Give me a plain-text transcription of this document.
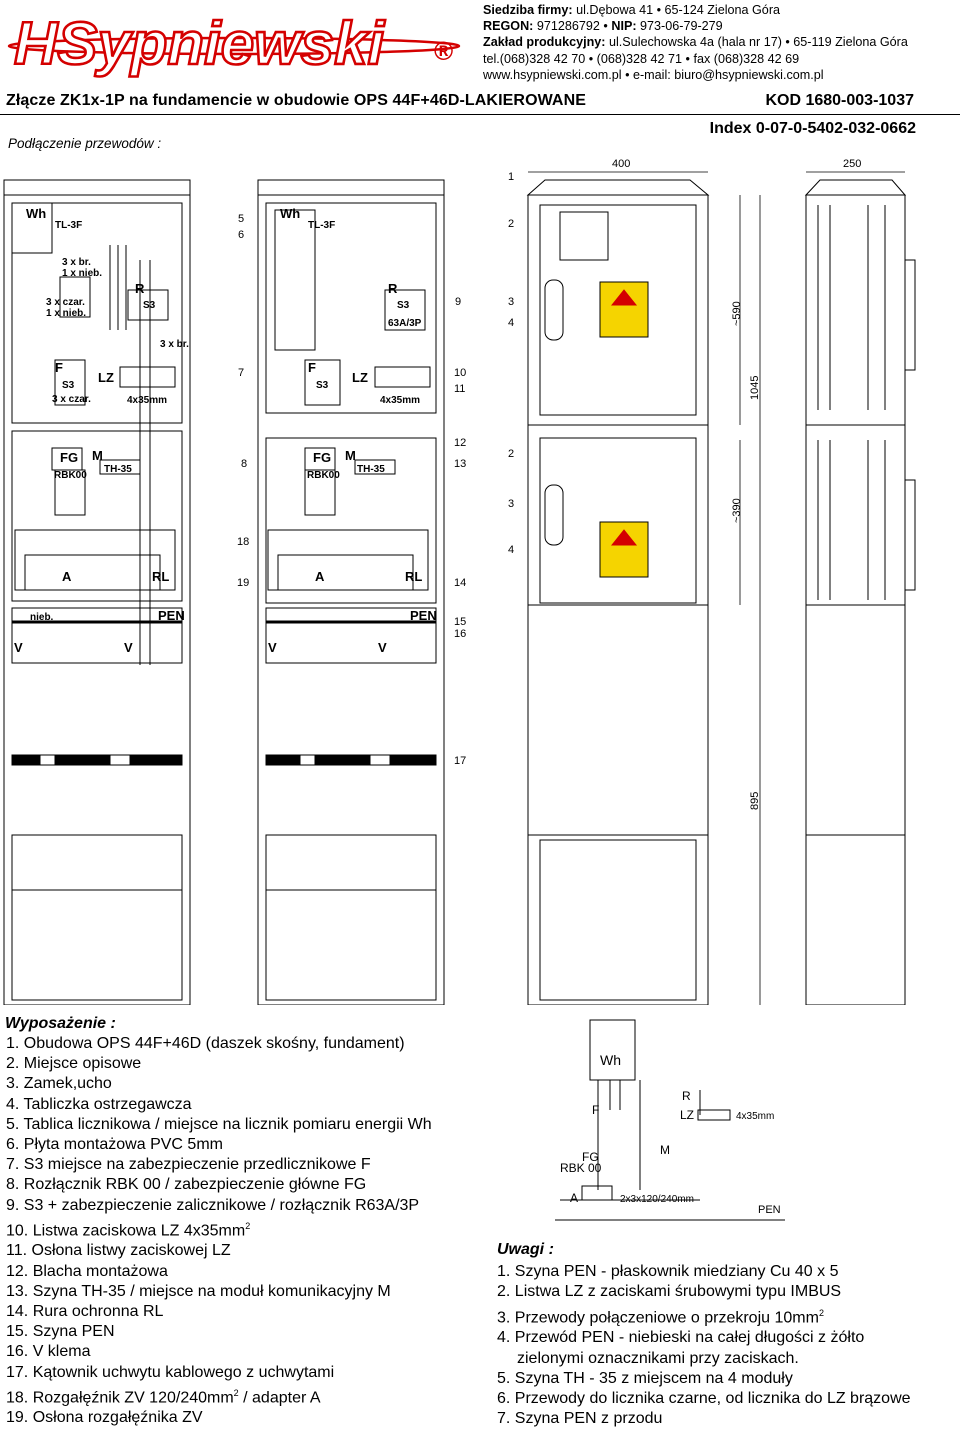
HSypniewski ®
Siedziba firmy: ul.Dębowa 41 • 65-124 Zielona Góra
REGON: 971286792 • NIP: 973-06-79-279
Zakład produkcyjny: ul.Sulechowska 4a (hala nr 17) • 65-119 Zielona Góra
tel.(068)328 42 70 • (068)328 42 71 • fax (068)328 42 69
www.hsypniewski.com.pl • e-mail: biuro@hsypniewski.com.pl
Złącze ZK1x-1P na fundamencie w obudowie OPS 44F+46D-LAKIEROWANE	KOD 1680-003-1037
Index 0-07-0-5402-032-0662
Podłączenie przewodów :
Wh	Wh
R	R
F	F
LZ	LZ
FG	FG
M	M
A	A
RL	RL
PEN	PEN
V	V	V	V
TL-3F	TL-3F
S3	S3
S3	S3
63A/3P
4x35mm	4x35mm
RBK00	RBK00
TH-35	TH-35
nieb.
3 x br.
1 x nieb.
3 x czar.
1 x nieb.
3 x br.
3 x czar.
1
2
3
4
5
6
7
8
9
10
11
12
13
14
15
16
17
18
19
2
3
4
400	250
~590
1045
~390
895
Wh
F
R
LZ	4x35mm
FG
RBK 00
M
A	2x3x120/240mm
PEN
Wyposażenie :
1. Obudowa OPS 44F+46D (daszek skośny, fundament)
2. Miejsce opisowe
3. Zamek,ucho
4. Tabliczka ostrzegawcza
5. Tablica licznikowa / miejsce na licznik pomiaru energii Wh
6. Płyta montażowa PVC 5mm
7. S3 miejsce na zabezpieczenie przedlicznikowe F
8. Rozłącznik RBK 00 / zabezpieczenie główne FG
9. S3 + zabezpieczenie zalicznikowe / rozłącznik R63A/3P
10. Listwa zaciskowa LZ $4x35mm^2$
11. Osłona listwy zaciskowej LZ
12. Blacha montażowa
13. Szyna TH-35 / miejsce na moduł komunikacyjny M
14. Rura ochronna RL
15. Szyna PEN
16. V klema
17. Kątownik uchwytu kablowego z uchwytami
18. Rozgałęźnik ZV $120/240mm^2$ / adapter A
19. Osłona rozgałęźnika ZV
Uwagi :
1. Szyna PEN - płaskownik miedziany Cu 40 x 5
2. Listwa LZ z zaciskami śrubowymi typu IMBUS
3. Przewody połączeniowe o przekroju $10mm^2$
4. Przewód PEN - niebieski na całej długości z żółto
zielonymi oznacznikami przy zaciskach.
5. Szyna TH - 35 z miejscem na 4 moduły
6. Przewody do licznika czarne, od licznika do LZ brązowe
7. Szyna PEN z przodu
